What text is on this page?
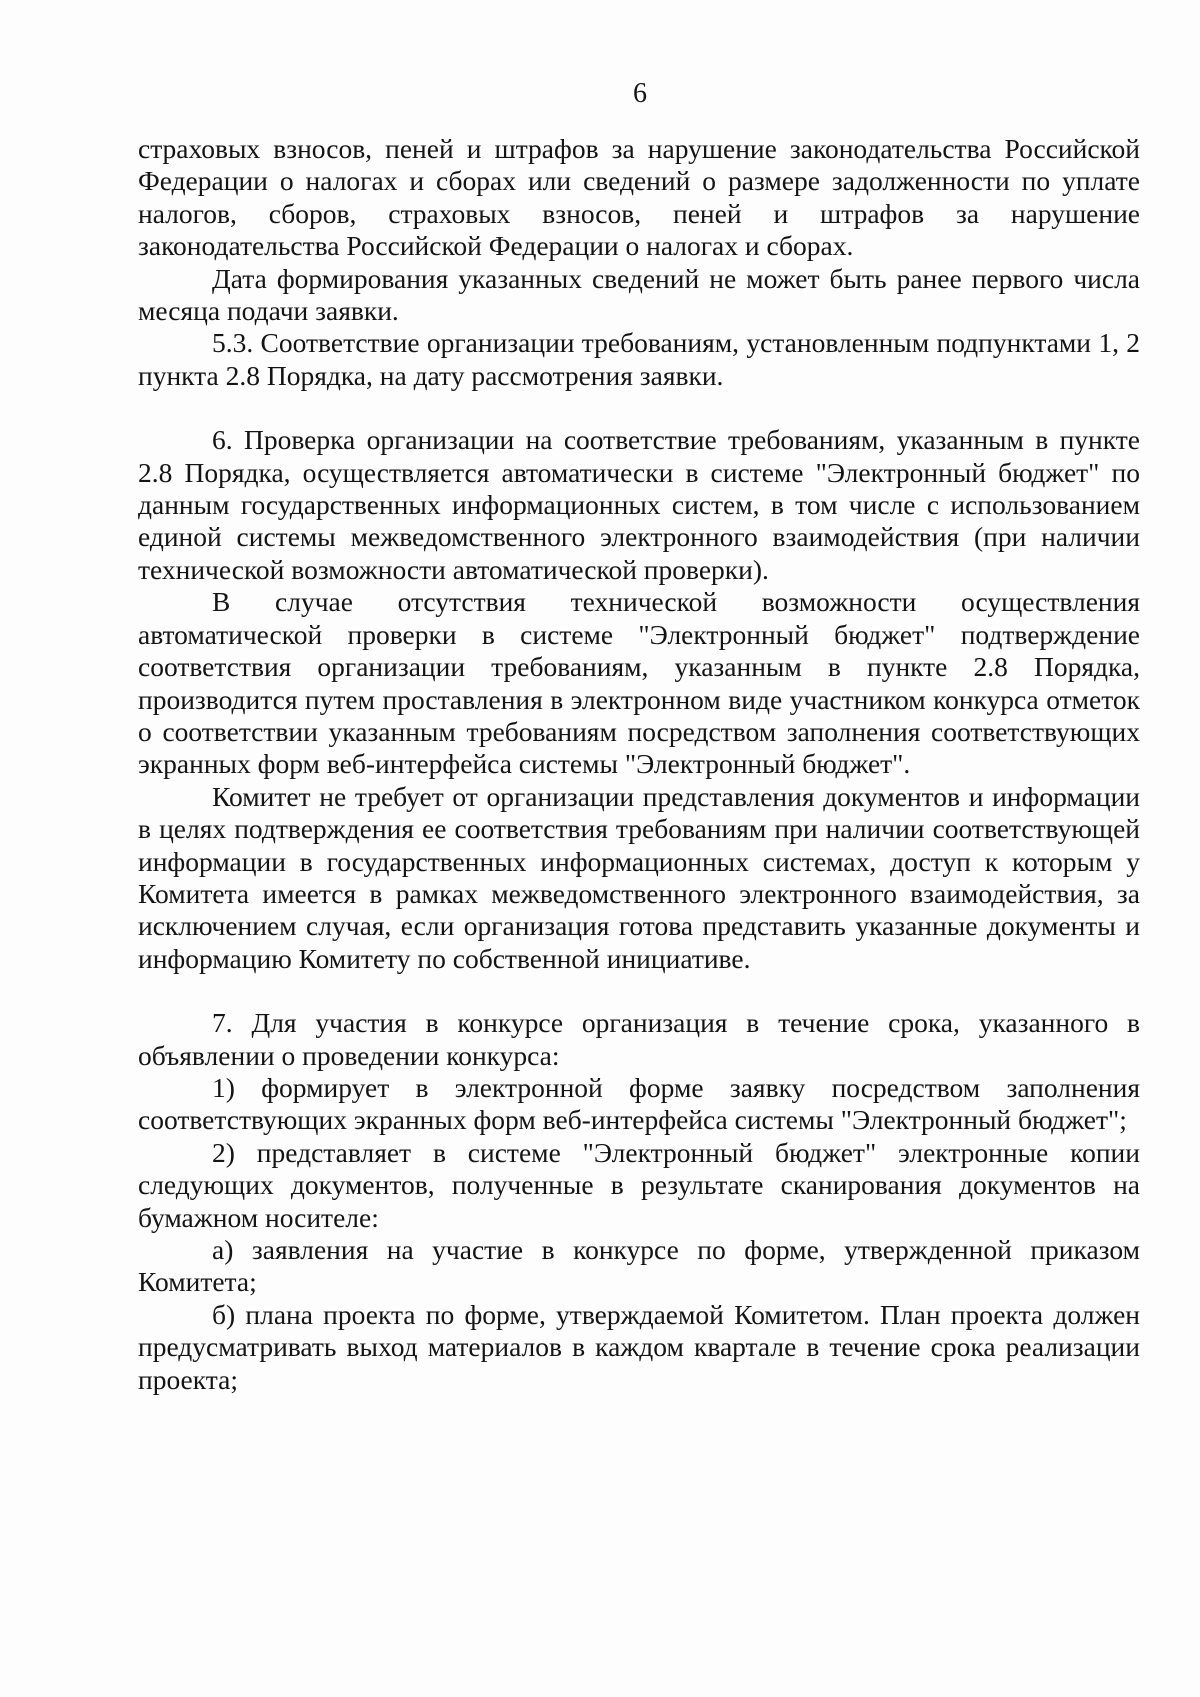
6

страховых взносов, пеней и штрафов за нарушение законодательства Российской Федерации о налогах и сборах или сведений о размере задолженности по уплате налогов, сборов, страховых взносов, пеней и штрафов за нарушение законодательства Российской Федерации о налогах и сборах.

Дата формирования указанных сведений не может быть ранее первого числа месяца подачи заявки.

5.3. Соответствие организации требованиям, установленным подпунктами 1, 2 пункта 2.8 Порядка, на дату рассмотрения заявки.

6. Проверка организации на соответствие требованиям, указанным в пункте 2.8 Порядка, осуществляется автоматически в системе "Электронный бюджет" по данным государственных информационных систем, в том числе с использованием единой системы межведомственного электронного взаимодействия (при наличии технической возможности автоматической проверки).

В случае отсутствия технической возможности осуществления автоматической проверки в системе "Электронный бюджет" подтверждение соответствия организации требованиям, указанным в пункте 2.8 Порядка, производится путем проставления в электронном виде участником конкурса отметок о соответствии указанным требованиям посредством заполнения соответствующих экранных форм веб-интерфейса системы "Электронный бюджет".

Комитет не требует от организации представления документов и информации в целях подтверждения ее соответствия требованиям при наличии соответствующей информации в государственных информационных системах, доступ к которым у Комитета имеется в рамках межведомственного электронного взаимодействия, за исключением случая, если организация готова представить указанные документы и информацию Комитету по собственной инициативе.

7. Для участия в конкурсе организация в течение срока, указанного в объявлении о проведении конкурса:

1) формирует в электронной форме заявку посредством заполнения соответствующих экранных форм веб-интерфейса системы "Электронный бюджет";

2) представляет в системе "Электронный бюджет" электронные копии следующих документов, полученные в результате сканирования документов на бумажном носителе:

а) заявления на участие в конкурсе по форме, утвержденной приказом Комитета;

б) плана проекта по форме, утверждаемой Комитетом. План проекта должен предусматривать выход материалов в каждом квартале в течение срока реализации проекта;
